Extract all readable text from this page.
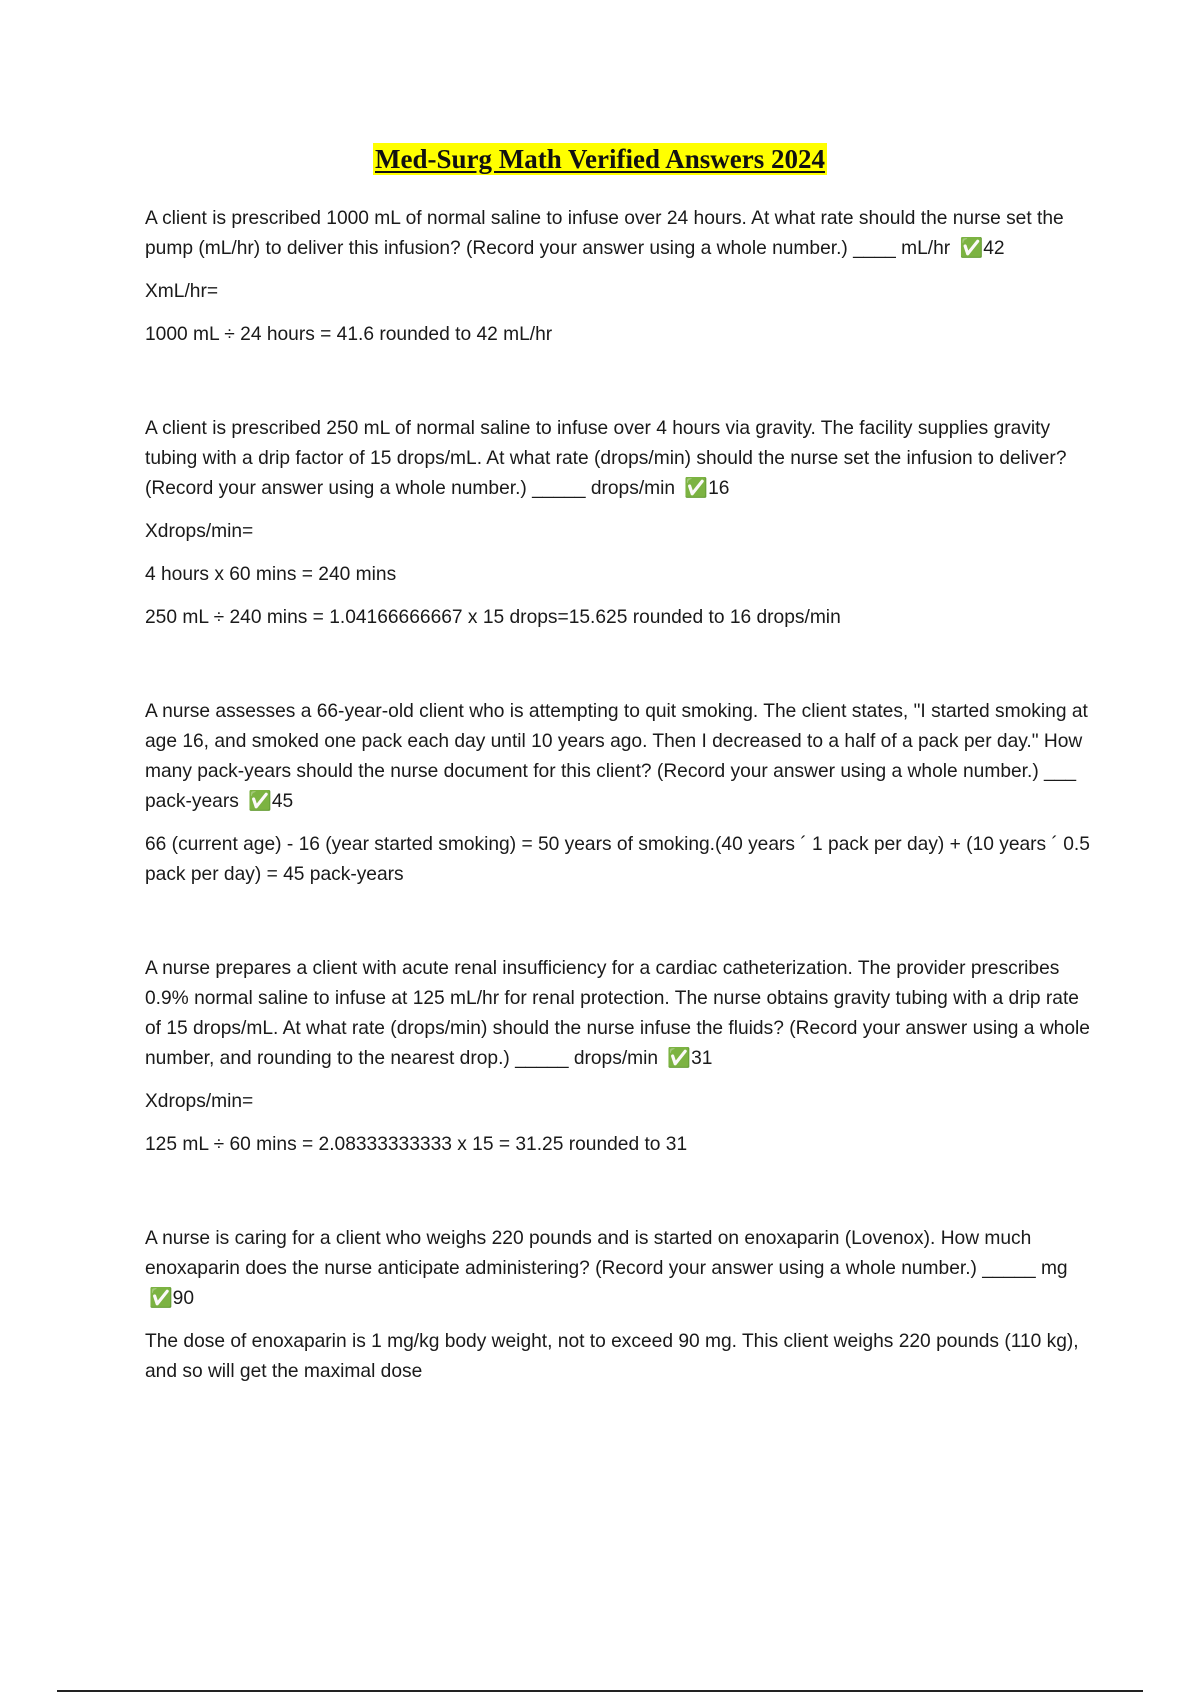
Med-Surg Math Verified Answers 2024

A client is prescribed 1000 mL of normal saline to infuse over 24 hours. At what rate should the nurse set the pump (mL/hr) to deliver this infusion? (Record your answer using a whole number.) ____ mL/hr ✅42

XmL/hr=

1000 mL ÷ 24 hours = 41.6 rounded to 42 mL/hr

A client is prescribed 250 mL of normal saline to infuse over 4 hours via gravity. The facility supplies gravity tubing with a drip factor of 15 drops/mL. At what rate (drops/min) should the nurse set the infusion to deliver? (Record your answer using a whole number.) _____ drops/min ✅16

Xdrops/min=

4 hours x 60 mins = 240 mins

250 mL ÷ 240 mins = 1.04166666667 x 15 drops=15.625 rounded to 16 drops/min

A nurse assesses a 66-year-old client who is attempting to quit smoking. The client states, "I started smoking at age 16, and smoked one pack each day until 10 years ago. Then I decreased to a half of a pack per day." How many pack-years should the nurse document for this client? (Record your answer using a whole number.) ___ pack-years ✅45

66 (current age) - 16 (year started smoking) = 50 years of smoking.(40 years ´ 1 pack per day) + (10 years ´ 0.5 pack per day) = 45 pack-years

A nurse prepares a client with acute renal insufficiency for a cardiac catheterization. The provider prescribes 0.9% normal saline to infuse at 125 mL/hr for renal protection. The nurse obtains gravity tubing with a drip rate of 15 drops/mL. At what rate (drops/min) should the nurse infuse the fluids? (Record your answer using a whole number, and rounding to the nearest drop.) _____ drops/min ✅31

Xdrops/min=

125 mL ÷ 60 mins = 2.08333333333 x 15 = 31.25 rounded to 31

A nurse is caring for a client who weighs 220 pounds and is started on enoxaparin (Lovenox). How much enoxaparin does the nurse anticipate administering? (Record your answer using a whole number.) _____ mg ✅90

The dose of enoxaparin is 1 mg/kg body weight, not to exceed 90 mg. This client weighs 220 pounds (110 kg), and so will get the maximal dose
